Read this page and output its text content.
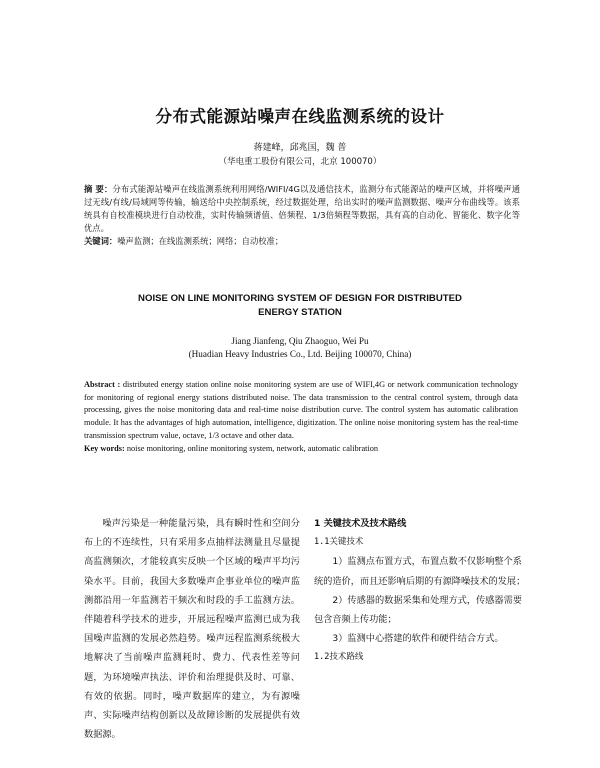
分布式能源站噪声在线监测系统的设计
蒋建峰，邱兆国，魏 普
（华电重工股份有限公司，北京 100070）
摘 要：分布式能源站噪声在线监测系统利用网络/WIFI/4G以及通信技术，监测分布式能源站的噪声区域，并将噪声通过无线/有线/局域网等传输，输送给中央控制系统，经过数据处理，给出实时的噪声监测数据、噪声分布曲线等。该系统具有自校准模块进行自动校准，实时传输频谱值、倍频程、1/3倍频程等数据，具有高的自动化、智能化、数字化等优点。
关键词：噪声监测；在线监测系统；网络；自动校准；
NOISE ON LINE MONITORING SYSTEM OF DESIGN FOR DISTRIBUTED
ENERGY STATION
Jiang Jianfeng, Qiu Zhaoguo, Wei Pu
(Huadian Heavy Industries Co., Ltd. Beijing 100070, China)
Abstract : distributed energy station online noise monitoring system are use of WIFI,4G or network communication technology for monitoring of regional energy stations distributed noise. The data transmission to the central control system, through data processing, gives the noise monitoring data and real-time noise distribution curve. The control system has automatic calibration module. It has the advantages of high automation, intelligence, digitization. The online noise monitoring system has the real-time transmission spectrum value, octave, 1/3 octave and other data.
Key words: noise monitoring, online monitoring system, network, automatic calibration

噪声污染是一种能量污染，具有瞬时性和空间分布上的不连续性，只有采用多点抽样法测量且尽量提高监测频次，才能较真实反映一个区域的噪声平均污染水平。目前，我国大多数噪声企事业单位的噪声监测都沿用一年监测若干频次和时段的手工监测方法。伴随着科学技术的进步，开展远程噪声监测已成为我国噪声监测的发展必然趋势。噪声远程监测系统极大地解决了当前噪声监测耗时、费力、代表性差等问题，为环境噪声执法、评价和治理提供及时、可靠、有效的依据。同时，噪声数据库的建立，为有源噪声、实际噪声结构创新以及故障诊断的发展提供有效数据源。

1 关键技术及技术路线

1.1关键技术

1）监测点布置方式，布置点数不仅影响整个系统的造价，而且还影响后期的有源降噪技术的发展；

2）传感器的数据采集和处理方式，传感器需要包含音频上传功能；

3）监测中心搭建的软件和硬件结合方式。

1.2技术路线
